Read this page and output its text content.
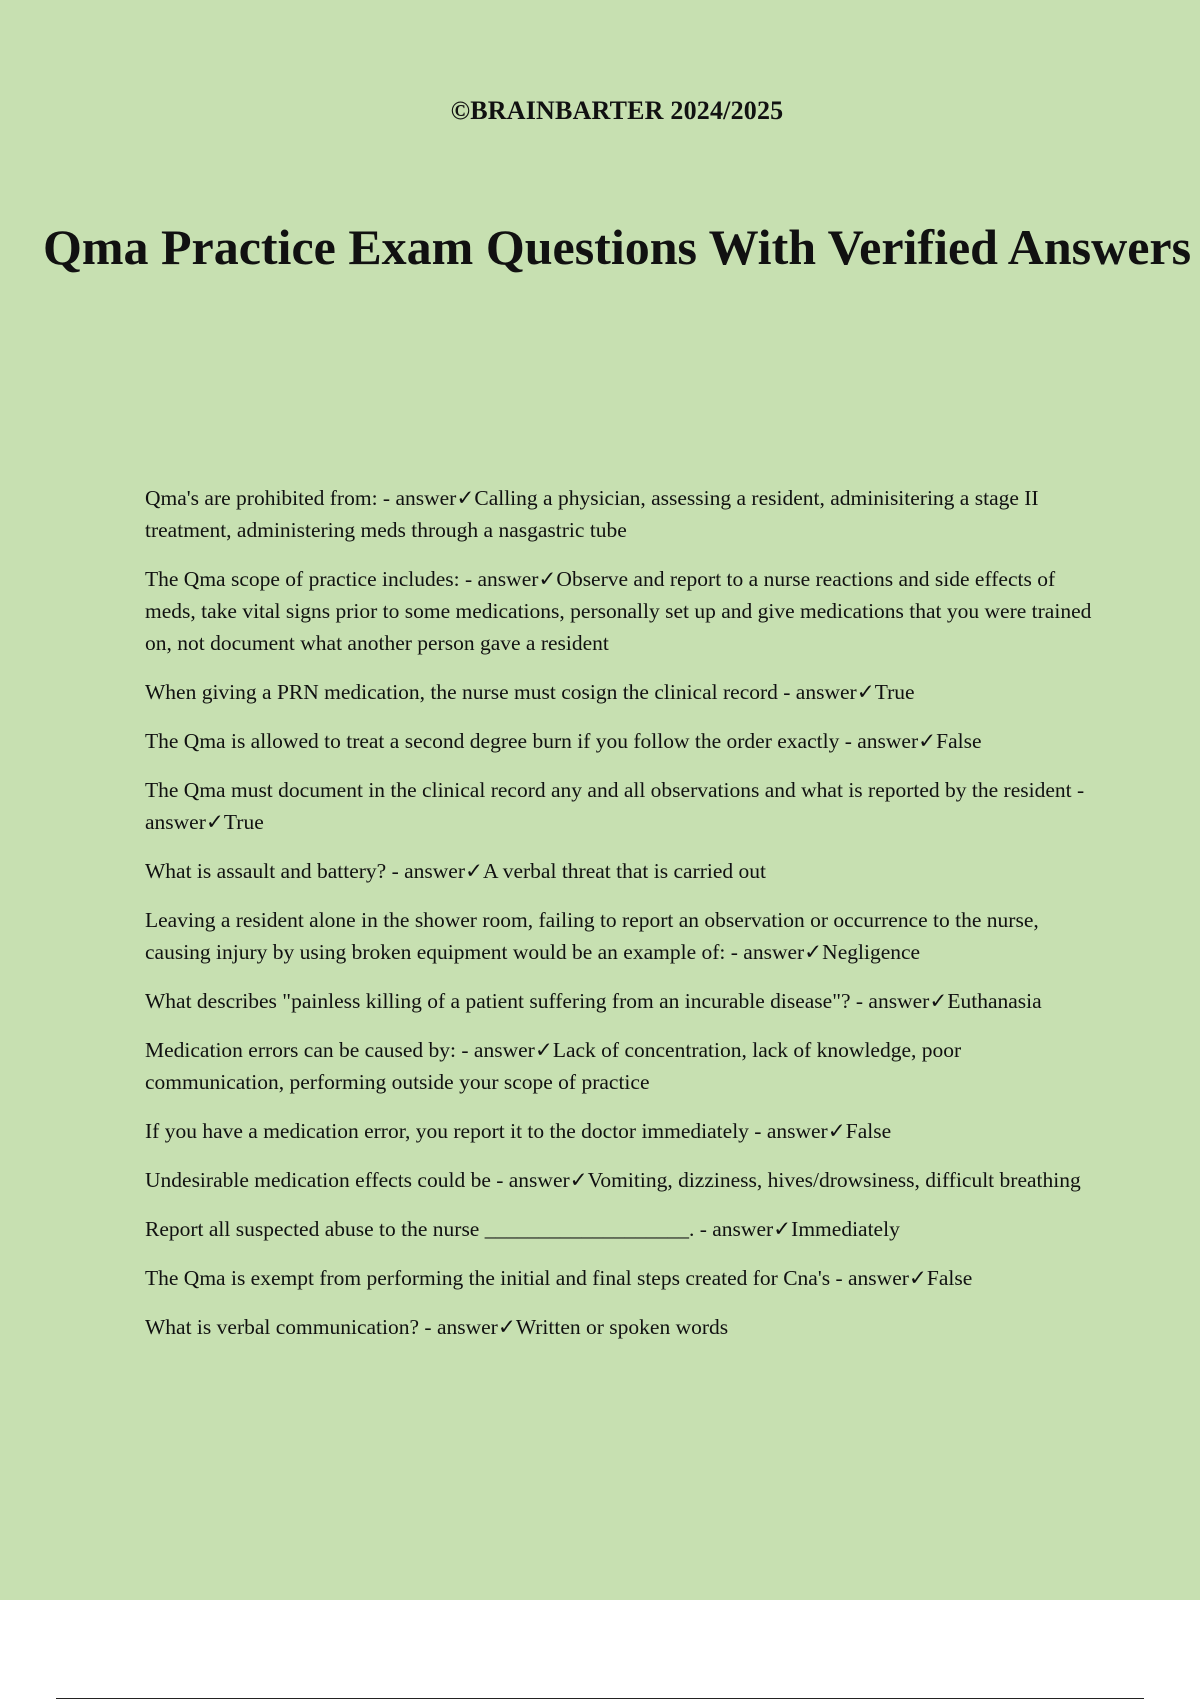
©BRAINBARTER 2024/2025
Qma Practice Exam Questions With Verified Answers

Qma's are prohibited from: - answer✓Calling a physician, assessing a resident, adminisitering a stage II treatment, administering meds through a nasgastric tube

The Qma scope of practice includes: - answer✓Observe and report to a nurse reactions and side effects of meds, take vital signs prior to some medications, personally set up and give medications that you were trained on, not document what another person gave a resident

When giving a PRN medication, the nurse must cosign the clinical record - answer✓True

The Qma is allowed to treat a second degree burn if you follow the order exactly - answer✓False

The Qma must document in the clinical record any and all observations and what is reported by the resident - answer✓True

What is assault and battery? - answer✓A verbal threat that is carried out

Leaving a resident alone in the shower room, failing to report an observation or occurrence to the nurse, causing injury by using broken equipment would be an example of: - answer✓Negligence

What describes "painless killing of a patient suffering from an incurable disease"? - answer✓Euthanasia

Medication errors can be caused by: - answer✓Lack of concentration, lack of knowledge, poor communication, performing outside your scope of practice

If you have a medication error, you report it to the doctor immediately - answer✓False

Undesirable medication effects could be - answer✓Vomiting, dizziness, hives/drowsiness, difficult breathing

Report all suspected abuse to the nurse ___________________. - answer✓Immediately

The Qma is exempt from performing the initial and final steps created for Cna's - answer✓False

What is verbal communication? - answer✓Written or spoken words
